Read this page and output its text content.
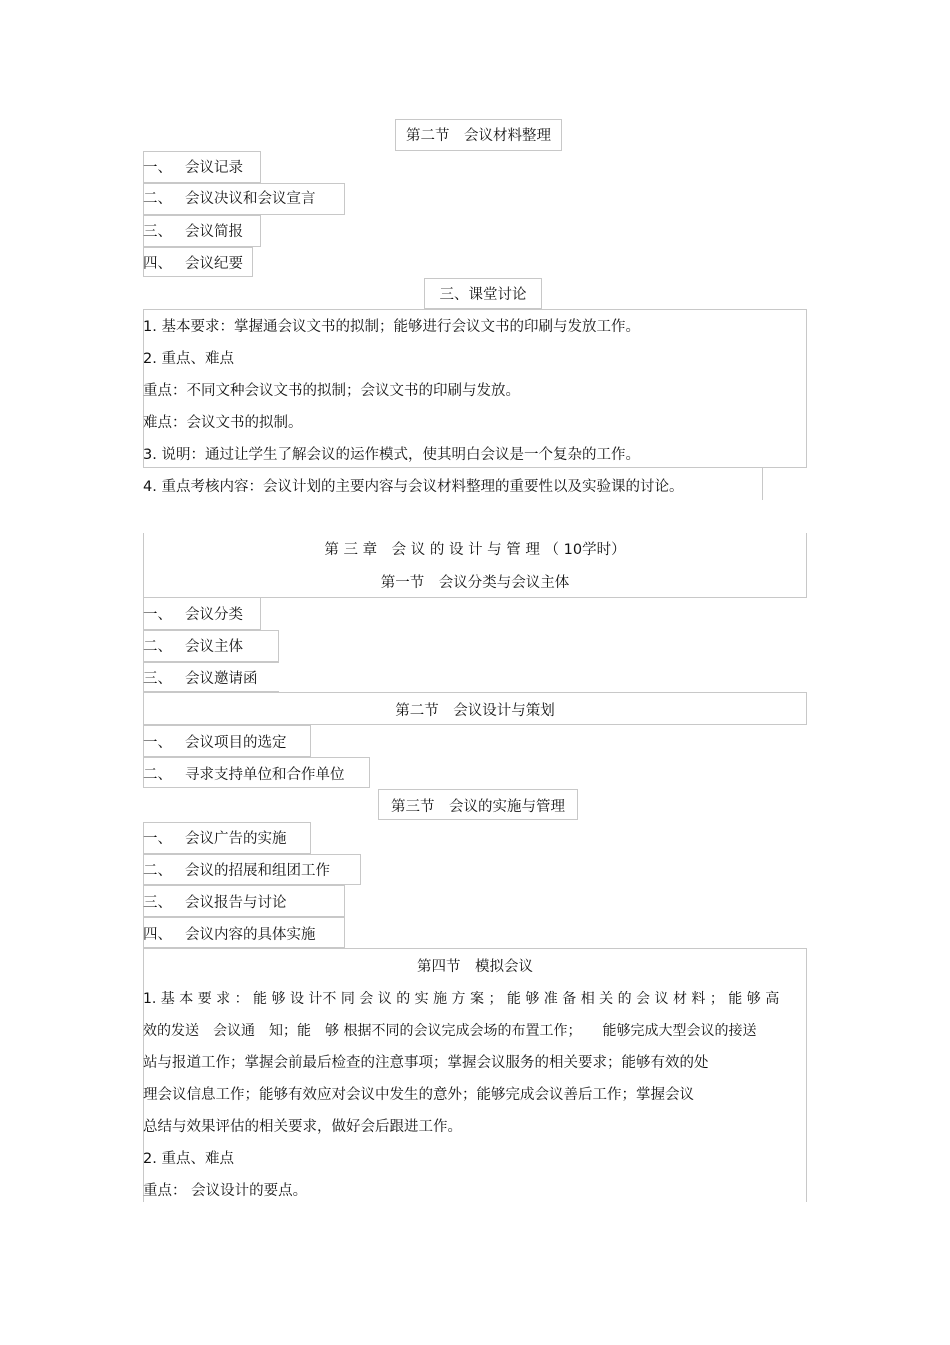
第二节　会议材料整理
一、 会议记录
二、 会议决议和会议宣言
三、 会议简报
四、 会议纪要
三、课堂讨论
1. 基本要求：掌握通会议文书的拟制；能够进行会议文书的印刷与发放工作。
2. 重点、难点
重点：不同文种会议文书的拟制；会议文书的印刷与发放。
难点：会议文书的拟制。
3. 说明：通过让学生了解会议的运作模式，使其明白会议是一个复杂的工作。
4. 重点考核内容：会议计划的主要内容与会议材料整理的重要性以及实验课的讨论。
第 三 章　会 议 的 设 计 与 管 理 （ 10学时）
第一节　会议分类与会议主体
一、 会议分类
二、 会议主体
三、 会议邀请函
第二节　会议设计与策划
一、 会议项目的选定
二、 寻求支持单位和合作单位
第三节　会议的实施与管理
一、 会议广告的实施
二、 会议的招展和组团工作
三、 会议报告与讨论
四、 会议内容的具体实施
第四节　模拟会议
1. 基 本 要 求 ： 能 够 设 计不 同 会 议 的 实 施 方 案 ； 能 够 准 备 相 关 的 会 议 材 料 ； 能 够 高
效的发送　会议通　知；能　够 根据不同的会议完成会场的布置工作；　　能够完成大型会议的接送
站与报道工作；掌握会前最后检查的注意事项；掌握会议服务的相关要求；能够有效的处
理会议信息工作；能够有效应对会议中发生的意外；能够完成会议善后工作；掌握会议
总结与效果评估的相关要求，做好会后跟进工作。
2. 重点、难点
重点： 会议设计的要点。
